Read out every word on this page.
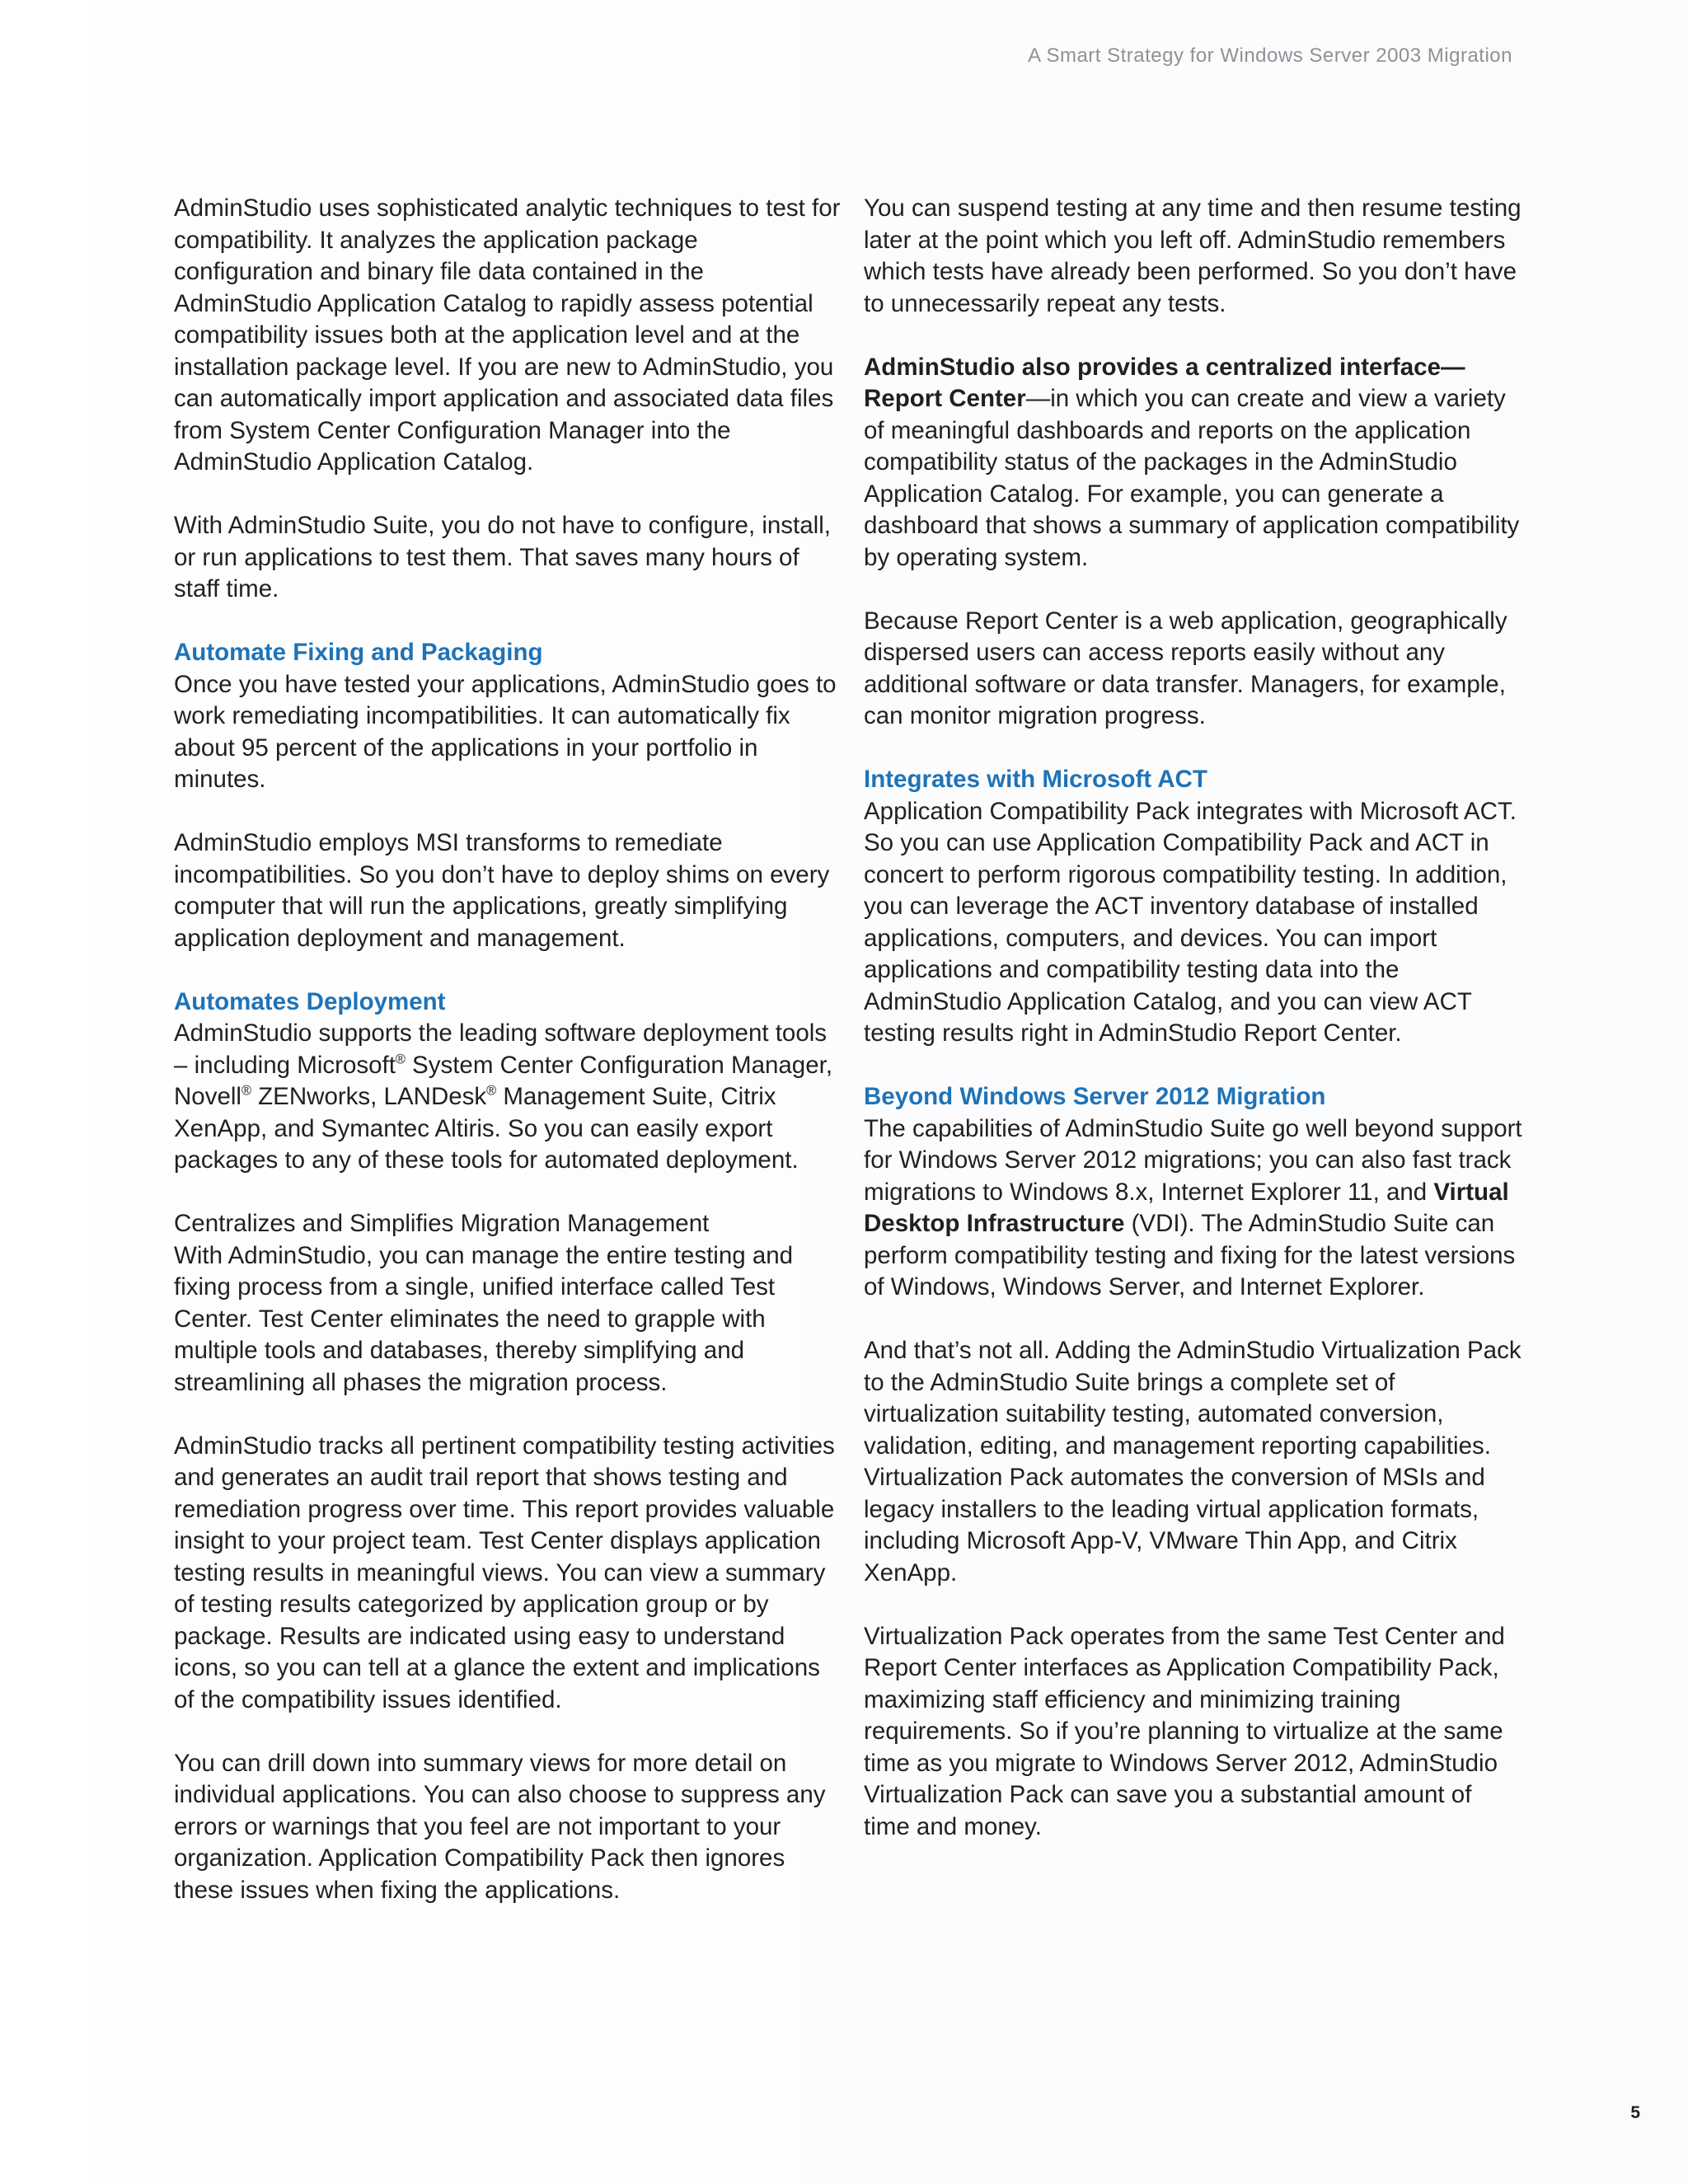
A Smart Strategy for Windows Server 2003 Migration

AdminStudio uses sophisticated analytic techniques to test for compatibility. It analyzes the application package configuration and binary file data contained in the AdminStudio Application Catalog to rapidly assess potential compatibility issues both at the application level and at the installation package level. If you are new to AdminStudio, you can automatically import application and associated data files from System Center Configuration Manager into the AdminStudio Application Catalog.

With AdminStudio Suite, you do not have to configure, install, or run applications to test them. That saves many hours of staff time.

Automate Fixing and Packaging

Once you have tested your applications, AdminStudio goes to work remediating incompatibilities. It can automatically fix about 95 percent of the applications in your portfolio in minutes.

AdminStudio employs MSI transforms to remediate incompatibilities. So you don’t have to deploy shims on every computer that will run the applications, greatly simplifying application deployment and management.

Automates Deployment

AdminStudio supports the leading software deployment tools – including Microsoft® System Center Configuration Manager, Novell® ZENworks, LANDesk® Management Suite, Citrix XenApp, and Symantec Altiris. So you can easily export packages to any of these tools for automated deployment.

Centralizes and Simplifies Migration Management

With AdminStudio, you can manage the entire testing and fixing process from a single, unified interface called Test Center. Test Center eliminates the need to grapple with multiple tools and databases, thereby simplifying and streamlining all phases the migration process.

AdminStudio tracks all pertinent compatibility testing activities and generates an audit trail report that shows testing and remediation progress over time. This report provides valuable insight to your project team. Test Center displays application testing results in meaningful views. You can view a summary of testing results categorized by application group or by package. Results are indicated using easy to understand icons, so you can tell at a glance the extent and implications of the compatibility issues identified.

You can drill down into summary views for more detail on individual applications. You can also choose to suppress any errors or warnings that you feel are not important to your organization. Application Compatibility Pack then ignores these issues when fixing the applications.

You can suspend testing at any time and then resume testing later at the point which you left off. AdminStudio remembers which tests have already been performed. So you don’t have to unnecessarily repeat any tests.

AdminStudio also provides a centralized interface—Report Center—in which you can create and view a variety of meaningful dashboards and reports on the application compatibility status of the packages in the AdminStudio Application Catalog. For example, you can generate a dashboard that shows a summary of application compatibility by operating system.

Because Report Center is a web application, geographically dispersed users can access reports easily without any additional software or data transfer. Managers, for example, can monitor migration progress.

Integrates with Microsoft ACT

Application Compatibility Pack integrates with Microsoft ACT. So you can use Application Compatibility Pack and ACT in concert to perform rigorous compatibility testing. In addition, you can leverage the ACT inventory database of installed applications, computers, and devices. You can import applications and compatibility testing data into the AdminStudio Application Catalog, and you can view ACT testing results right in AdminStudio Report Center.

Beyond Windows Server 2012 Migration

The capabilities of AdminStudio Suite go well beyond support for Windows Server 2012 migrations; you can also fast track migrations to Windows 8.x, Internet Explorer 11, and Virtual Desktop Infrastructure (VDI). The AdminStudio Suite can perform compatibility testing and fixing for the latest versions of Windows, Windows Server, and Internet Explorer.

And that’s not all. Adding the AdminStudio Virtualization Pack to the AdminStudio Suite brings a complete set of virtualization suitability testing, automated conversion, validation, editing, and management reporting capabilities. Virtualization Pack automates the conversion of MSIs and legacy installers to the leading virtual application formats, including Microsoft App-V, VMware Thin App, and Citrix XenApp.

Virtualization Pack operates from the same Test Center and Report Center interfaces as Application Compatibility Pack, maximizing staff efficiency and minimizing training requirements. So if you’re planning to virtualize at the same time as you migrate to Windows Server 2012, AdminStudio Virtualization Pack can save you a substantial amount of time and money.

5
